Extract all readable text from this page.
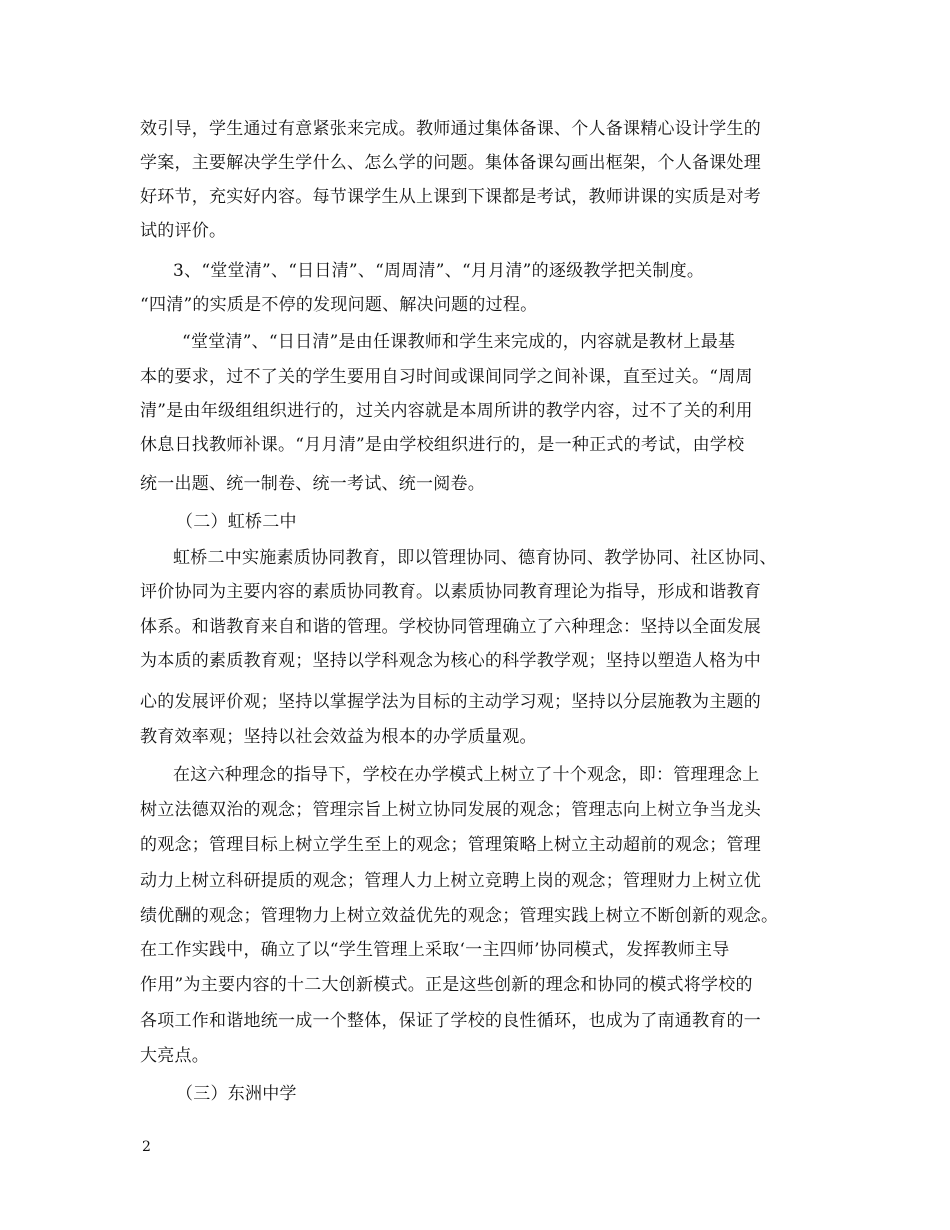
效引导，学生通过有意紧张来完成。教师通过集体备课、个人备课精心设计学生的
学案，主要解决学生学什么、怎么学的问题。集体备课勾画出框架，个人备课处理
好环节，充实好内容。每节课学生从上课到下课都是考试，教师讲课的实质是对考
试的评价。
3、“堂堂清”、“日日清”、“周周清”、“月月清”的逐级教学把关制度。
“四清”的实质是不停的发现问题、解决问题的过程。
“堂堂清”、“日日清”是由任课教师和学生来完成的，内容就是教材上最基
本的要求，过不了关的学生要用自习时间或课间同学之间补课，直至过关。“周周
清”是由年级组组织进行的，过关内容就是本周所讲的教学内容，过不了关的利用
休息日找教师补课。“月月清”是由学校组织进行的，是一种正式的考试，由学校
统一出题、统一制卷、统一考试、统一阅卷。
（二）虹桥二中
虹桥二中实施素质协同教育，即以管理协同、德育协同、教学协同、社区协同、
评价协同为主要内容的素质协同教育。以素质协同教育理论为指导，形成和谐教育
体系。和谐教育来自和谐的管理。学校协同管理确立了六种理念：坚持以全面发展
为本质的素质教育观；坚持以学科观念为核心的科学教学观；坚持以塑造人格为中
心的发展评价观；坚持以掌握学法为目标的主动学习观；坚持以分层施教为主题的
教育效率观；坚持以社会效益为根本的办学质量观。
在这六种理念的指导下，学校在办学模式上树立了十个观念，即：管理理念上
树立法德双治的观念；管理宗旨上树立协同发展的观念；管理志向上树立争当龙头
的观念；管理目标上树立学生至上的观念；管理策略上树立主动超前的观念；管理
动力上树立科研提质的观念；管理人力上树立竞聘上岗的观念；管理财力上树立优
绩优酬的观念；管理物力上树立效益优先的观念；管理实践上树立不断创新的观念。
在工作实践中，确立了以“学生管理上采取‘一主四师’协同模式，发挥教师主导
作用”为主要内容的十二大创新模式。正是这些创新的理念和协同的模式将学校的
各项工作和谐地统一成一个整体，保证了学校的良性循环，也成为了南通教育的一
大亮点。
（三）东洲中学
2
